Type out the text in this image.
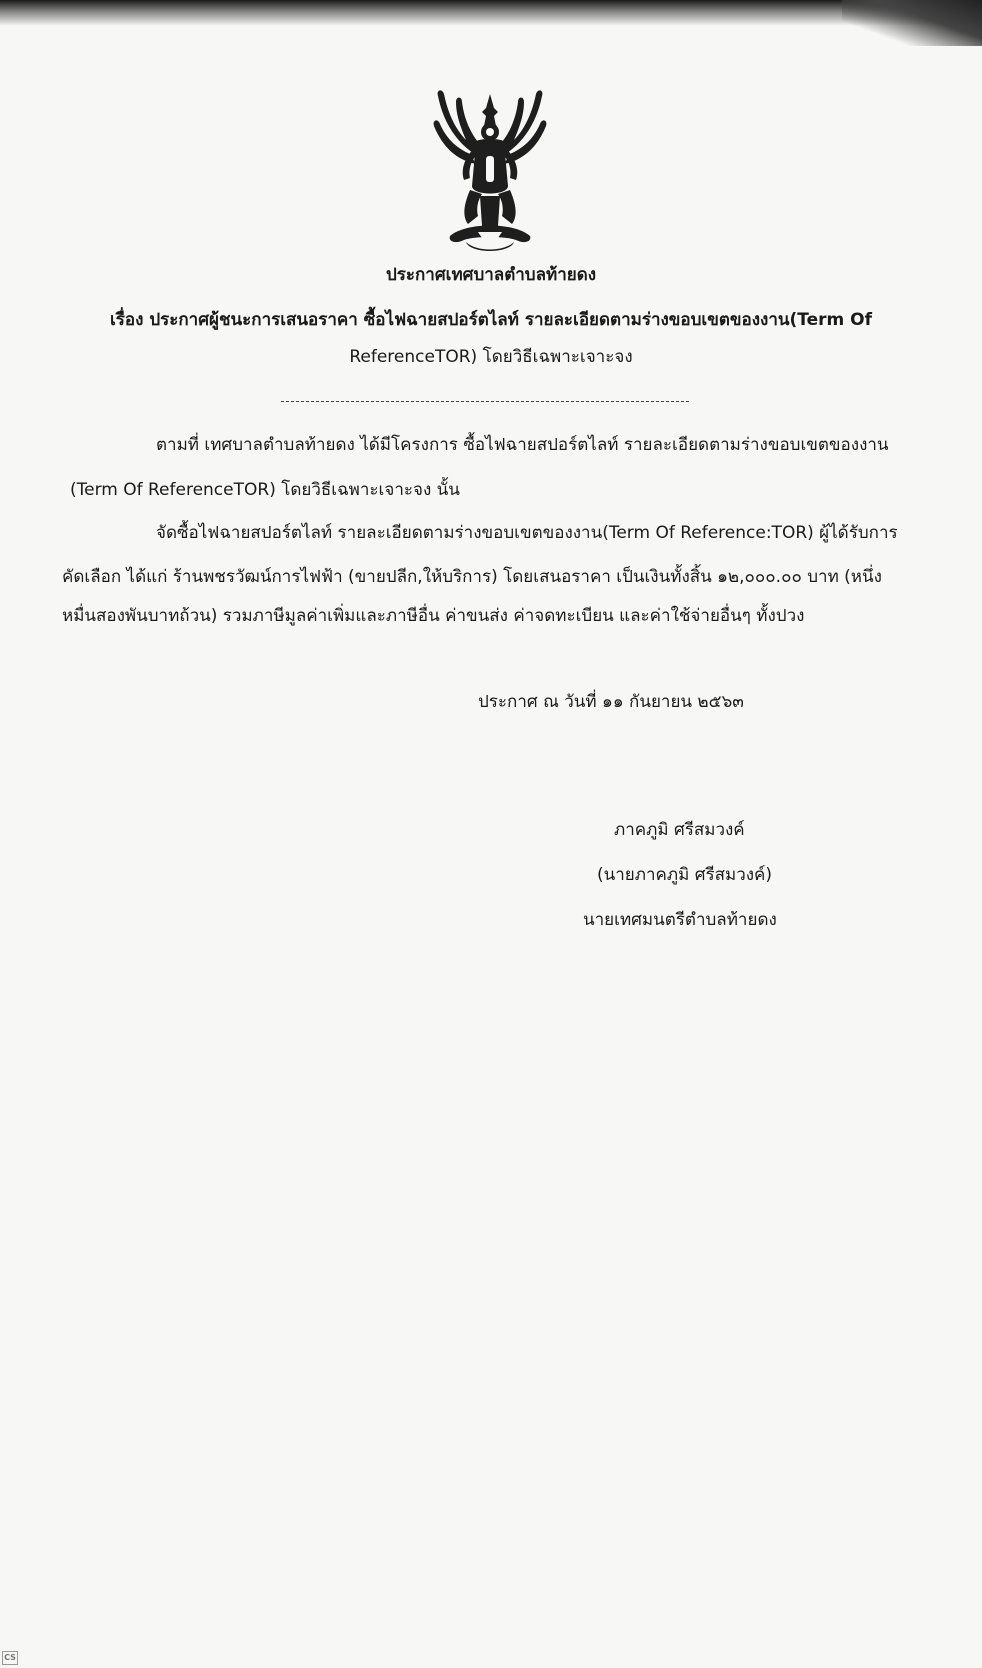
ประกาศเทศบาลตำบลท้ายดง
เรื่อง ประกาศผู้ชนะการเสนอราคา ซื้อไฟฉายสปอร์ตไลท์ รายละเอียดตามร่างขอบเขตของงาน(Term Of
ReferenceTOR) โดยวิธีเฉพาะเจาะจง
ตามที่ เทศบาลตำบลท้ายดง ได้มีโครงการ ซื้อไฟฉายสปอร์ตไลท์ รายละเอียดตามร่างขอบเขตของงาน
(Term Of ReferenceTOR) โดยวิธีเฉพาะเจาะจง นั้น
จัดซื้อไฟฉายสปอร์ตไลท์ รายละเอียดตามร่างขอบเขตของงาน(Term Of Reference:TOR) ผู้ได้รับการ
คัดเลือก ได้แก่ ร้านพชรวัฒน์การไฟฟ้า (ขายปลีก,ให้บริการ) โดยเสนอราคา เป็นเงินทั้งสิ้น ๑๒,๐๐๐.๐๐ บาท (หนึ่ง
หมื่นสองพันบาทถ้วน) รวมภาษีมูลค่าเพิ่มและภาษีอื่น ค่าขนส่ง ค่าจดทะเบียน และค่าใช้จ่ายอื่นๆ ทั้งปวง
ประกาศ ณ วันที่ ๑๑ กันยายน ๒๕๖๓
ภาคภูมิ ศรีสมวงค์
(นายภาคภูมิ ศรีสมวงค์)
นายเทศมนตรีตำบลท้ายดง
CS
